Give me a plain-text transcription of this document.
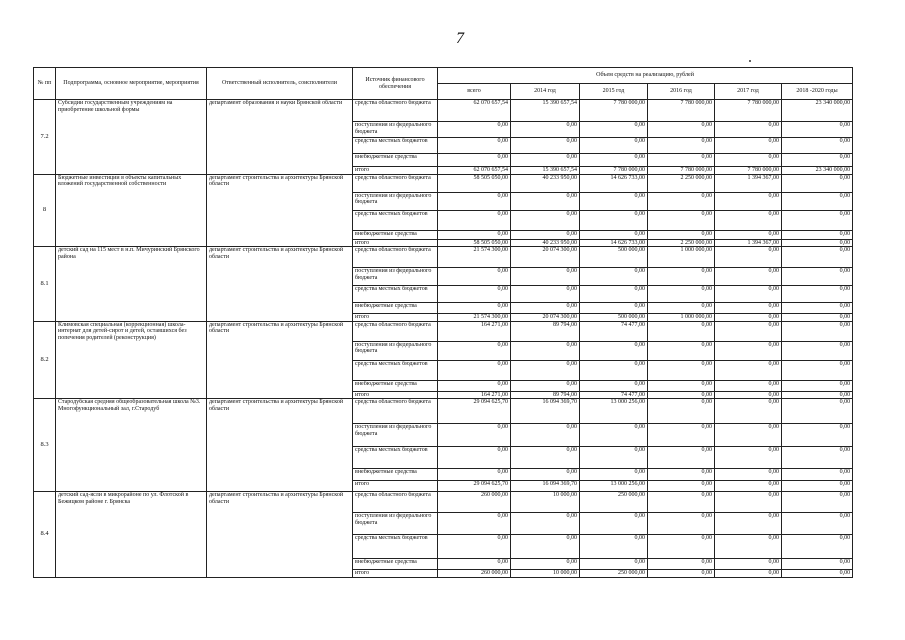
7
№ пп	Подпрограмма, основное мероприятие, мероприятия	Ответственный исполнитель, соисполнители	Источник финансового обеспечения	Объем средств на реализацию, рублей					
				всего	2014 год	2015 год	2016 год	2017 год	2018 -2020 годы
7.2	Субсидии государственным учреждениям на приобретение школьной формы	департамент образования и науки Брянской области	средства областного бюджета	62 070 657,54	15 390 657,54	7 780 000,00	7 780 000,00	7 780 000,00	23 340 000,00
			поступления из федерального бюджета	0,00	0,00	0,00	0,00	0,00	0,00
			средства местных бюджетов	0,00	0,00	0,00	0,00	0,00	0,00
			внебюджетные средства	0,00	0,00	0,00	0,00	0,00	0,00
			итого	62 070 657,54	15 390 657,54	7 780 000,00	7 780 000,00	7 780 000,00	23 340 000,00
8	Бюджетные инвестиции в объекты капитальных вложений государственной собственности	департамент строительства и архитектуры Брянской области	средства областного бюджета	58 505 050,00	40 233 950,00	14 626 733,00	2 250 000,00	1 394 367,00	0,00
			поступления из федерального бюджета	0,00	0,00	0,00	0,00	0,00	0,00
			средства местных бюджетов	0,00	0,00	0,00	0,00	0,00	0,00
			внебюджетные средства	0,00	0,00	0,00	0,00	0,00	0,00
			итого	58 505 050,00	40 233 950,00	14 626 733,00	2 250 000,00	1 394 367,00	0,00
8.1	детский сад на 115 мест в н.п. Мичуринский Брянского района	департамент строительства и архитектуры Брянской области	средства областного бюджета	21 574 300,00	20 074 300,00	500 000,00	1 000 000,00	0,00	0,00
			поступления из федерального бюджета	0,00	0,00	0,00	0,00	0,00	0,00
			средства местных бюджетов	0,00	0,00	0,00	0,00	0,00	0,00
			внебюджетные средства	0,00	0,00	0,00	0,00	0,00	0,00
			итого	21 574 300,00	20 074 300,00	500 000,00	1 000 000,00	0,00	0,00
8.2	Климовская специальная (коррекционная) школа-интернат для детей-сирот и детей, оставшихся без попечения родителей (реконструкция)	департамент строительства и архитектуры Брянской области	средства областного бюджета	164 271,00	89 794,00	74 477,00	0,00	0,00	0,00
			поступления из федерального бюджета	0,00	0,00	0,00	0,00	0,00	0,00
			средства местных бюджетов	0,00	0,00	0,00	0,00	0,00	0,00
			внебюджетные средства	0,00	0,00	0,00	0,00	0,00	0,00
			итого	164 271,00	89 794,00	74 477,00	0,00	0,00	0,00
8.3	Стародубская средняя общеобразовательная школа №3. Многофункциональный зал, г.Стародуб	департамент строительства и архитектуры Брянской области	средства областного бюджета	29 094 625,70	16 094 369,70	13 000 256,00	0,00	0,00	0,00
			поступления из федерального бюджета	0,00	0,00	0,00	0,00	0,00	0,00
			средства местных бюджетов	0,00	0,00	0,00	0,00	0,00	0,00
			внебюджетные средства	0,00	0,00	0,00	0,00	0,00	0,00
			итого	29 094 625,70	16 094 369,70	13 000 256,00	0,00	0,00	0,00
8.4	детский сад-ясли в микрорайоне по ул. Флотской в Бежицком районе г. Брянска	департамент строительства и архитектуры Брянской области	средства областного бюджета	260 000,00	10 000,00	250 000,00	0,00	0,00	0,00
			поступления из федерального бюджета	0,00	0,00	0,00	0,00	0,00	0,00
			средства местных бюджетов	0,00	0,00	0,00	0,00	0,00	0,00
			внебюджетные средства	0,00	0,00	0,00	0,00	0,00	0,00
			итого	260 000,00	10 000,00	250 000,00	0,00	0,00	0,00
